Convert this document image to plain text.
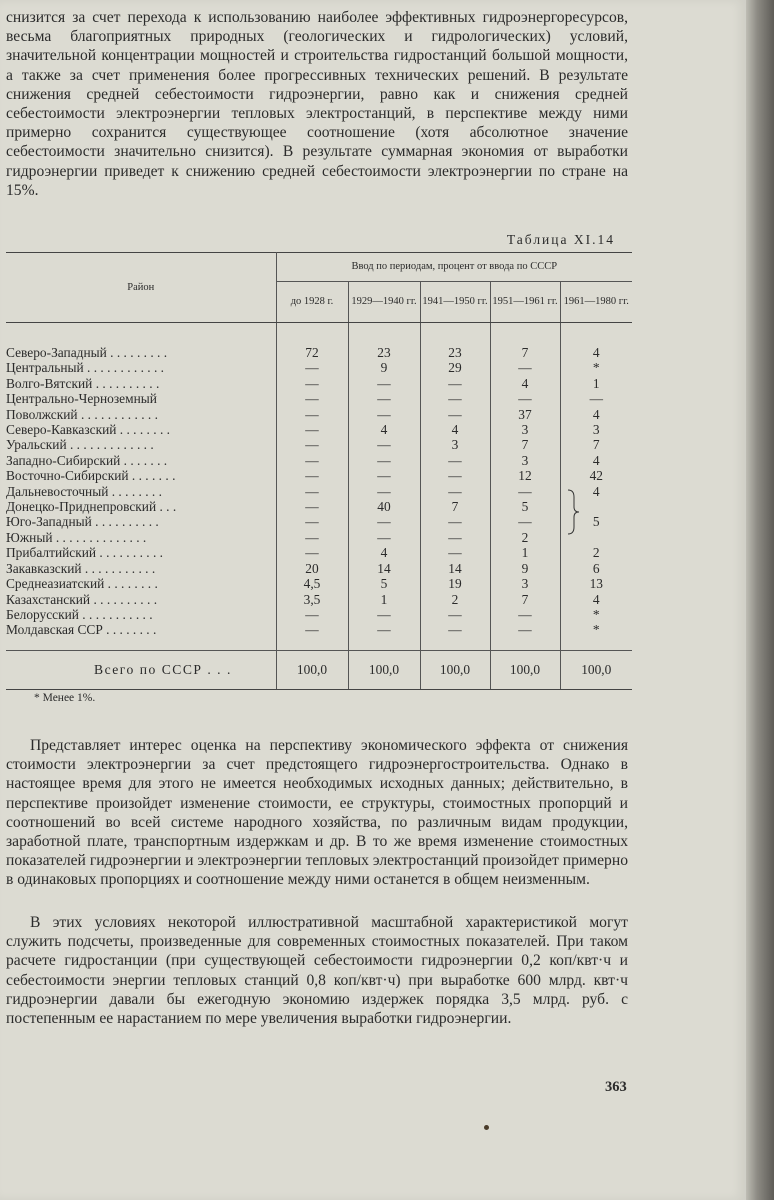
снизится за счет перехода к использованию наиболее эффективных гидроэнергоресурсов, весьма благоприятных природных (геологических и гидрологических) условий, значительной концентрации мощностей и строительства гидростанций большой мощности, а также за счет применения более прогрессивных технических решений. В результате снижения средней себестоимости гидроэнергии, равно как и снижения средней себестоимости электроэнергии тепловых электростанций, в перспективе между ними примерно сохранится существующее соотношение (хотя абсолютное значение себестоимости значительно снизится). В результате суммарная экономия от выработки гидроэнергии приведет к снижению средней себестоимости электроэнергии по стране на 15%.

Таблица XI.14
Район	Ввод по периодам, процент от ввода по СССР				
	до 1928 г.	1929—1940 гг.	1941—1950 гг.	1951—1961 гг.	1961—1980 гг.
Северо-Западный . . . . . . . . .	72	23	23	7	4
Центральный . . . . . . . . . . . .	—	9	29	—	*
Волго-Вятский . . . . . . . . . .	—	—	—	4	1
Центрально-Черноземный	—	—	—	—	—
Поволжский . . . . . . . . . . . .	—	—	—	37	4
Северо-Кавказский . . . . . . . .	—	4	4	3	3
Уральский . . . . . . . . . . . . .	—	—	3	7	7
Западно-Сибирский . . . . . . .	—	—	—	3	4
Восточно-Сибирский . . . . . . .	—	—	—	12	42
Дальневосточный . . . . . . . .	—	—	—	—	4
Донецко-Приднепровский . . .	—	40	7	5	
Юго-Западный . . . . . . . . . .	—	—	—	—	5
Южный . . . . . . . . . . . . . .	—	—	—	2	
Прибалтийский . . . . . . . . . .	—	4	—	1	2
Закавказский . . . . . . . . . . .	20	14	14	9	6
Среднеазиатский . . . . . . . .	4,5	5	19	3	13
Казахстанский . . . . . . . . . .	3,5	1	2	7	4
Белорусский . . . . . . . . . . .	—	—	—	—	*
Молдавская ССР . . . . . . . .	—	—	—	—	*

Всего по СССР . . .	100,0	100,0	100,0	100,0	100,0
* Менее 1%.

Представляет интерес оценка на перспективу экономического эффекта от снижения стоимости электроэнергии за счет предстоящего гидроэнергостроительства. Однако в настоящее время для этого не имеется необходимых исходных данных; действительно, в перспективе произойдет изменение стоимости, ее структуры, стоимостных пропорций и соотношений во всей системе народного хозяйства, по различным видам продукции, заработной плате, транспортным издержкам и др. В то же время изменение стоимостных показателей гидроэнергии и электроэнергии тепловых электростанций произойдет примерно в одинаковых пропорциях и соотношение между ними останется в общем неизменным.

В этих условиях некоторой иллюстративной масштабной характеристикой могут служить подсчеты, произведенные для современных стоимостных показателей. При таком расчете гидростанции (при существующей себестоимости гидроэнергии 0,2 коп/квт·ч и себестоимости энергии тепловых станций 0,8 коп/квт·ч) при выработке 600 млрд. квт·ч гидроэнергии давали бы ежегодную экономию издержек порядка 3,5 млрд. руб. с постепенным ее нарастанием по мере увеличения выработки гидроэнергии.

363
